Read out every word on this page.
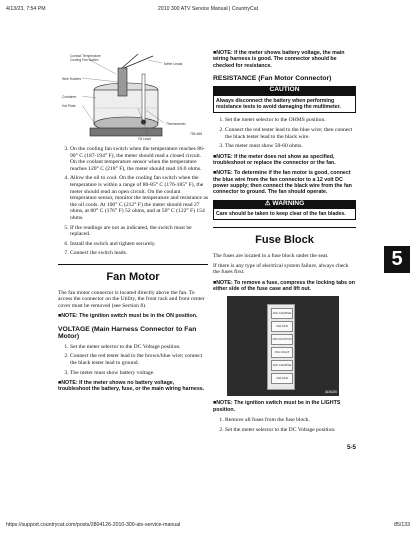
4/13/23, 7:54 PM	2010 300 ATV Service Manual | CountryCat
Contact Temperature
Cooling Fan Switch
Meter Leads
Wire Holders
Container
Hot Plate
Thermometer
Oil Level
759-468
3. On the cooling fan switch when the temperature reaches 86-90° C (187-194° F), the meter should read a closed circuit. On the coolant temperature sensor when the temperature reaches 120° C (218° F), the meter should read 16.0 ohms.
4. Allow the oil to cool. On the cooling fan switch when the temperature is within a range of 80-85° C (176-185° F), the meter should read an open circuit. On the coolant temperature sensor, monitor the temperature and resistance as the oil cools. At 100° C (212° F) the meter should read 27 ohms, at 80° C (176° F) 52 ohms, and at 50° C (122° F) 154 ohms.
5. If the readings are not as indicated, the switch must be replaced.
6. Install the switch and tighten securely.
7. Connect the switch leads.
Fan Motor
The fan motor connector is located directly above the fan. To access the connector on the Utility, the front rack and front center cover must be removed (see Section 8).
■NOTE: The ignition switch must be in the ON position.
VOLTAGE (Main Harness Connector to Fan Motor)
1. Set the meter selector to the DC Voltage position.
2. Connect the red tester lead to the brown/blue wire; connect the black tester lead to ground.
3. The meter must show battery voltage.
■NOTE: If the meter shows no battery voltage, troubleshoot the battery, fuse, or the main wiring harness.
■NOTE: If the meter shows battery voltage, the main wiring harness is good. The connector should be checked for resistance.
RESISTANCE (Fan Motor Connector)
CAUTION
Always disconnect the battery when performing resistance tests to avoid damaging the multimeter.
1. Set the meter selector to the OHMS position.
2. Connect the red tester lead to the blue wire; then connect the black tester lead to the black wire.
3. The meter must show 50-60 ohms.
■NOTE: If the meter does not show as specified, troubleshoot or replace the connector or the fan.
■NOTE: To determine if the fan motor is good, connect the blue wire from the fan connector to a 12 volt DC power supply; then connect the black wire from the fan connector to ground. The fan should operate.
⚠ WARNING
Care should be taken to keep clear of the fan blades.
Fuse Block
The fuses are located in a fuse block under the seat.
If there is any type of electrical system failure, always check the fuses first.
■NOTE: To remove a fuse, compress the locking tabs on either side of the fuse case and lift out.
15A CHARGE
15A FAN
15A IGNITION
15A LIGHT
15A CHARGE
15A FAN
AD6100
■NOTE: The ignition switch must be in the LIGHTS position.
1. Remove all fuses from the fuse block.
2. Set the meter selector to the DC Voltage position.
5-5
5
https://support.countrycat.com/posts/2804126-2010-300-atv-service-manual	85/133
